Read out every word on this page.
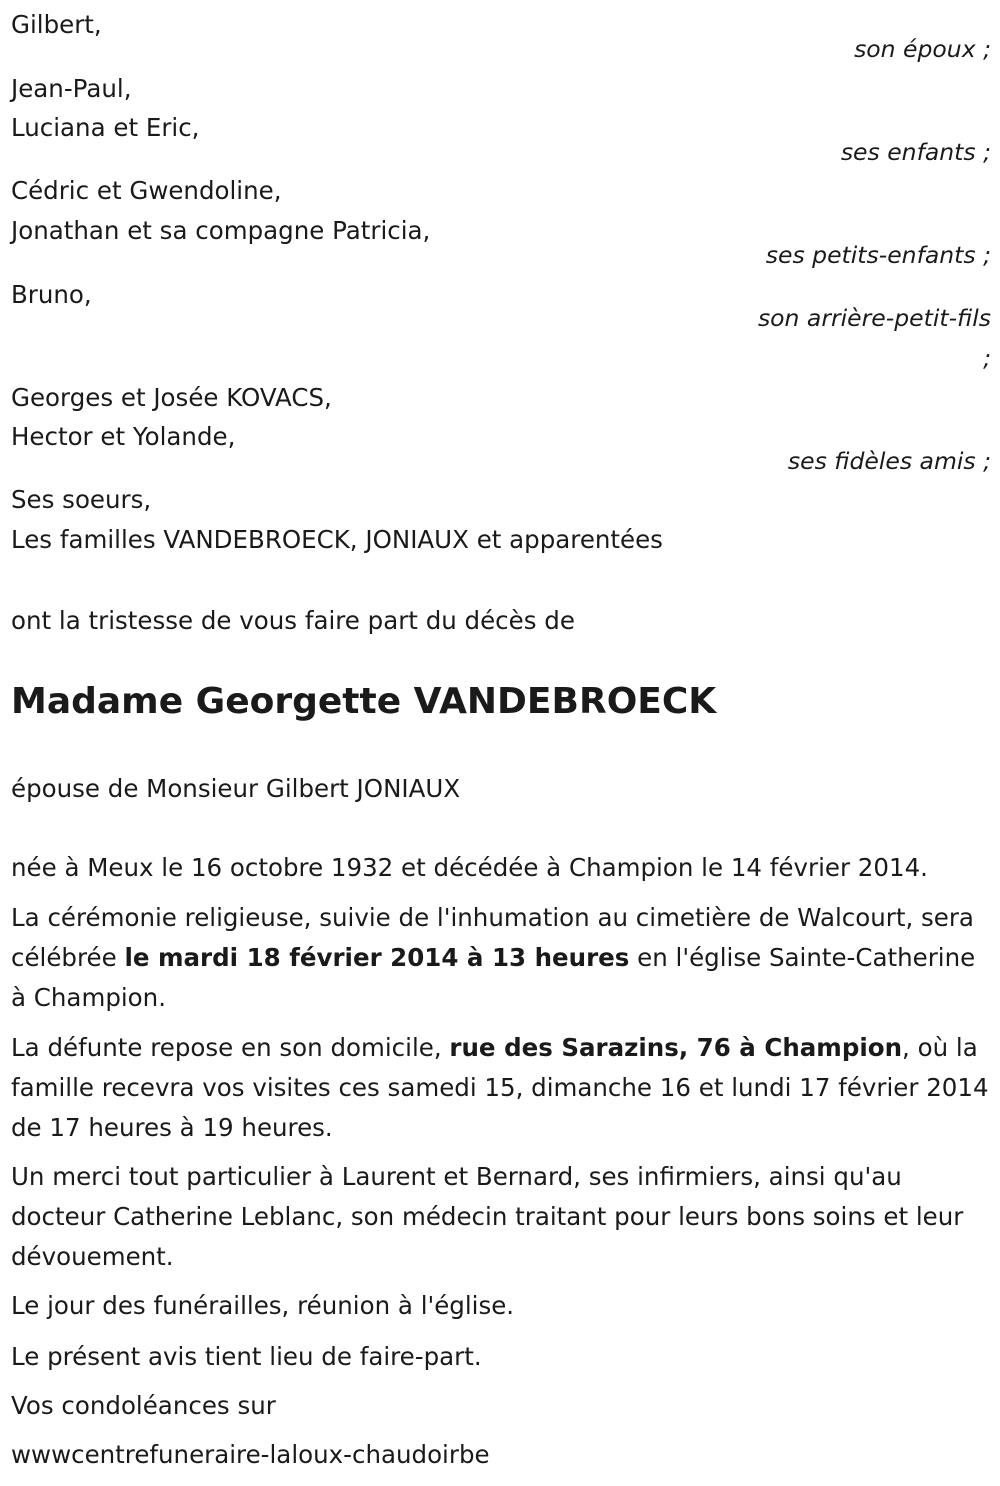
Gilbert,
son époux ;
Jean-Paul,
Luciana et Eric,
ses enfants ;
Cédric et Gwendoline,
Jonathan et sa compagne Patricia,
ses petits-enfants ;
Bruno,
son arrière-petit-fils
;
Georges et Josée KOVACS,
Hector et Yolande,
ses fidèles amis ;
Ses soeurs,
Les familles VANDEBROECK, JONIAUX et apparentées
ont la tristesse de vous faire part du décès de
Madame Georgette VANDEBROECK
épouse de Monsieur Gilbert JONIAUX
née à Meux le 16 octobre 1932 et décédée à Champion le 14 février 2014.
La cérémonie religieuse, suivie de l'inhumation au cimetière de Walcourt, sera célébrée le mardi 18 février 2014 à 13 heures en l'église Sainte-Catherine à Champion.
La défunte repose en son domicile, rue des Sarazins, 76 à Champion, où la famille recevra vos visites ces samedi 15, dimanche 16 et lundi 17 février 2014 de 17 heures à 19 heures.
Un merci tout particulier à Laurent et Bernard, ses infirmiers, ainsi qu'au docteur Catherine Leblanc, son médecin traitant pour leurs bons soins et leur dévouement.
Le jour des funérailles, réunion à l'église.
Le présent avis tient lieu de faire-part.
Vos condoléances sur
wwwcentrefuneraire-laloux-chaudoirbe
